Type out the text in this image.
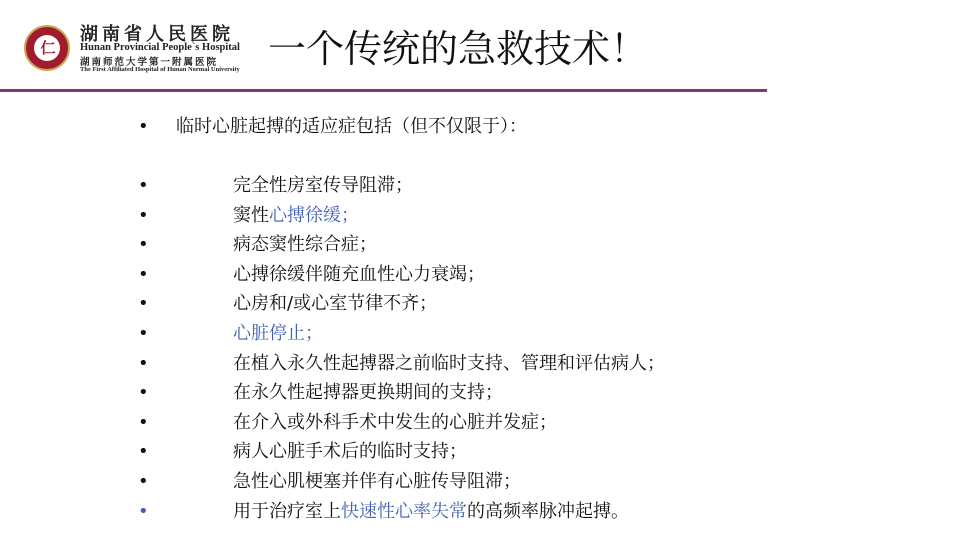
仁
湖南省人民医院
Hunan Provincial People`s Hospital
湖南师范大学第一附属医院
The First Affiliated Hospital of Hunan Normal University 一个传统的急救技术！
• 临时心脏起搏的适应症包括（但不仅限于）：
•	完全性房室传导阻滞；
•	窦性心搏徐缓；
•	病态窦性综合症；
•	心搏徐缓伴随充血性心力衰竭；
•	心房和/或心室节律不齐；
•	心脏停止；
•	在植入永久性起搏器之前临时支持、管理和评估病人；
•	在永久性起搏器更换期间的支持；
•	在介入或外科手术中发生的心脏并发症；
•	病人心脏手术后的临时支持；
•	急性心肌梗塞并伴有心脏传导阻滞；
•	用于治疗室上快速性心率失常的高频率脉冲起搏。
